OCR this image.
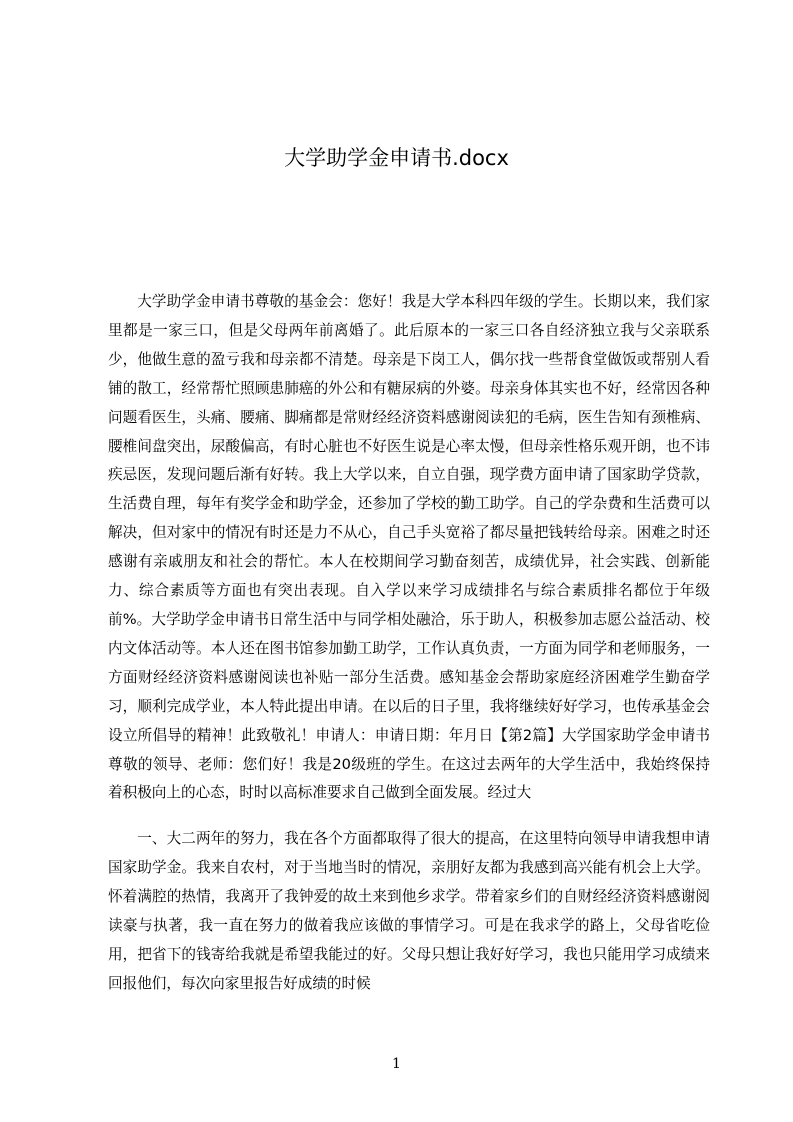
大学助学金申请书.docx

大学助学金申请书尊敬的基金会：您好！我是大学本科四年级的学生。长期以来，我们家里都是一家三口，但是父母两年前离婚了。此后原本的一家三口各自经济独立我与父亲联系少，他做生意的盈亏我和母亲都不清楚。母亲是下岗工人，偶尔找一些帮食堂做饭或帮别人看铺的散工，经常帮忙照顾患肺癌的外公和有糖尿病的外婆。母亲身体其实也不好，经常因各种问题看医生，头痛、腰痛、脚痛都是常财经经济资料感谢阅读犯的毛病，医生告知有颈椎病、腰椎间盘突出，尿酸偏高，有时心脏也不好医生说是心率太慢，但母亲性格乐观开朗，也不讳疾忌医，发现问题后渐有好转。我上大学以来，自立自强，现学费方面申请了国家助学贷款，生活费自理，每年有奖学金和助学金，还参加了学校的勤工助学。自己的学杂费和生活费可以解决，但对家中的情况有时还是力不从心，自己手头宽裕了都尽量把钱转给母亲。困难之时还感谢有亲戚朋友和社会的帮忙。本人在校期间学习勤奋刻苦，成绩优异，社会实践、创新能力、综合素质等方面也有突出表现。自入学以来学习成绩排名与综合素质排名都位于年级前%。大学助学金申请书日常生活中与同学相处融洽，乐于助人，积极参加志愿公益活动、校内文体活动等。本人还在图书馆参加勤工助学，工作认真负责，一方面为同学和老师服务，一方面财经经济资料感谢阅读也补贴一部分生活费。感知基金会帮助家庭经济困难学生勤奋学习，顺利完成学业，本人特此提出申请。在以后的日子里，我将继续好好学习，也传承基金会设立所倡导的精神！此致敬礼！申请人：申请日期：年月日【第2篇】大学国家助学金申请书尊敬的领导、老师：您们好！我是20级班的学生。在这过去两年的大学生活中，我始终保持着积极向上的心态，时时以高标准要求自己做到全面发展。经过大

一、大二两年的努力，我在各个方面都取得了很大的提高，在这里特向领导申请我想申请国家助学金。我来自农村，对于当地当时的情况，亲朋好友都为我感到高兴能有机会上大学。怀着满腔的热情，我离开了我钟爱的故土来到他乡求学。带着家乡们的自财经经济资料感谢阅读豪与执著，我一直在努力的做着我应该做的事情学习。可是在我求学的路上，父母省吃俭用，把省下的钱寄给我就是希望我能过的好。父母只想让我好好学习，我也只能用学习成绩来回报他们，每次向家里报告好成绩的时候

1
